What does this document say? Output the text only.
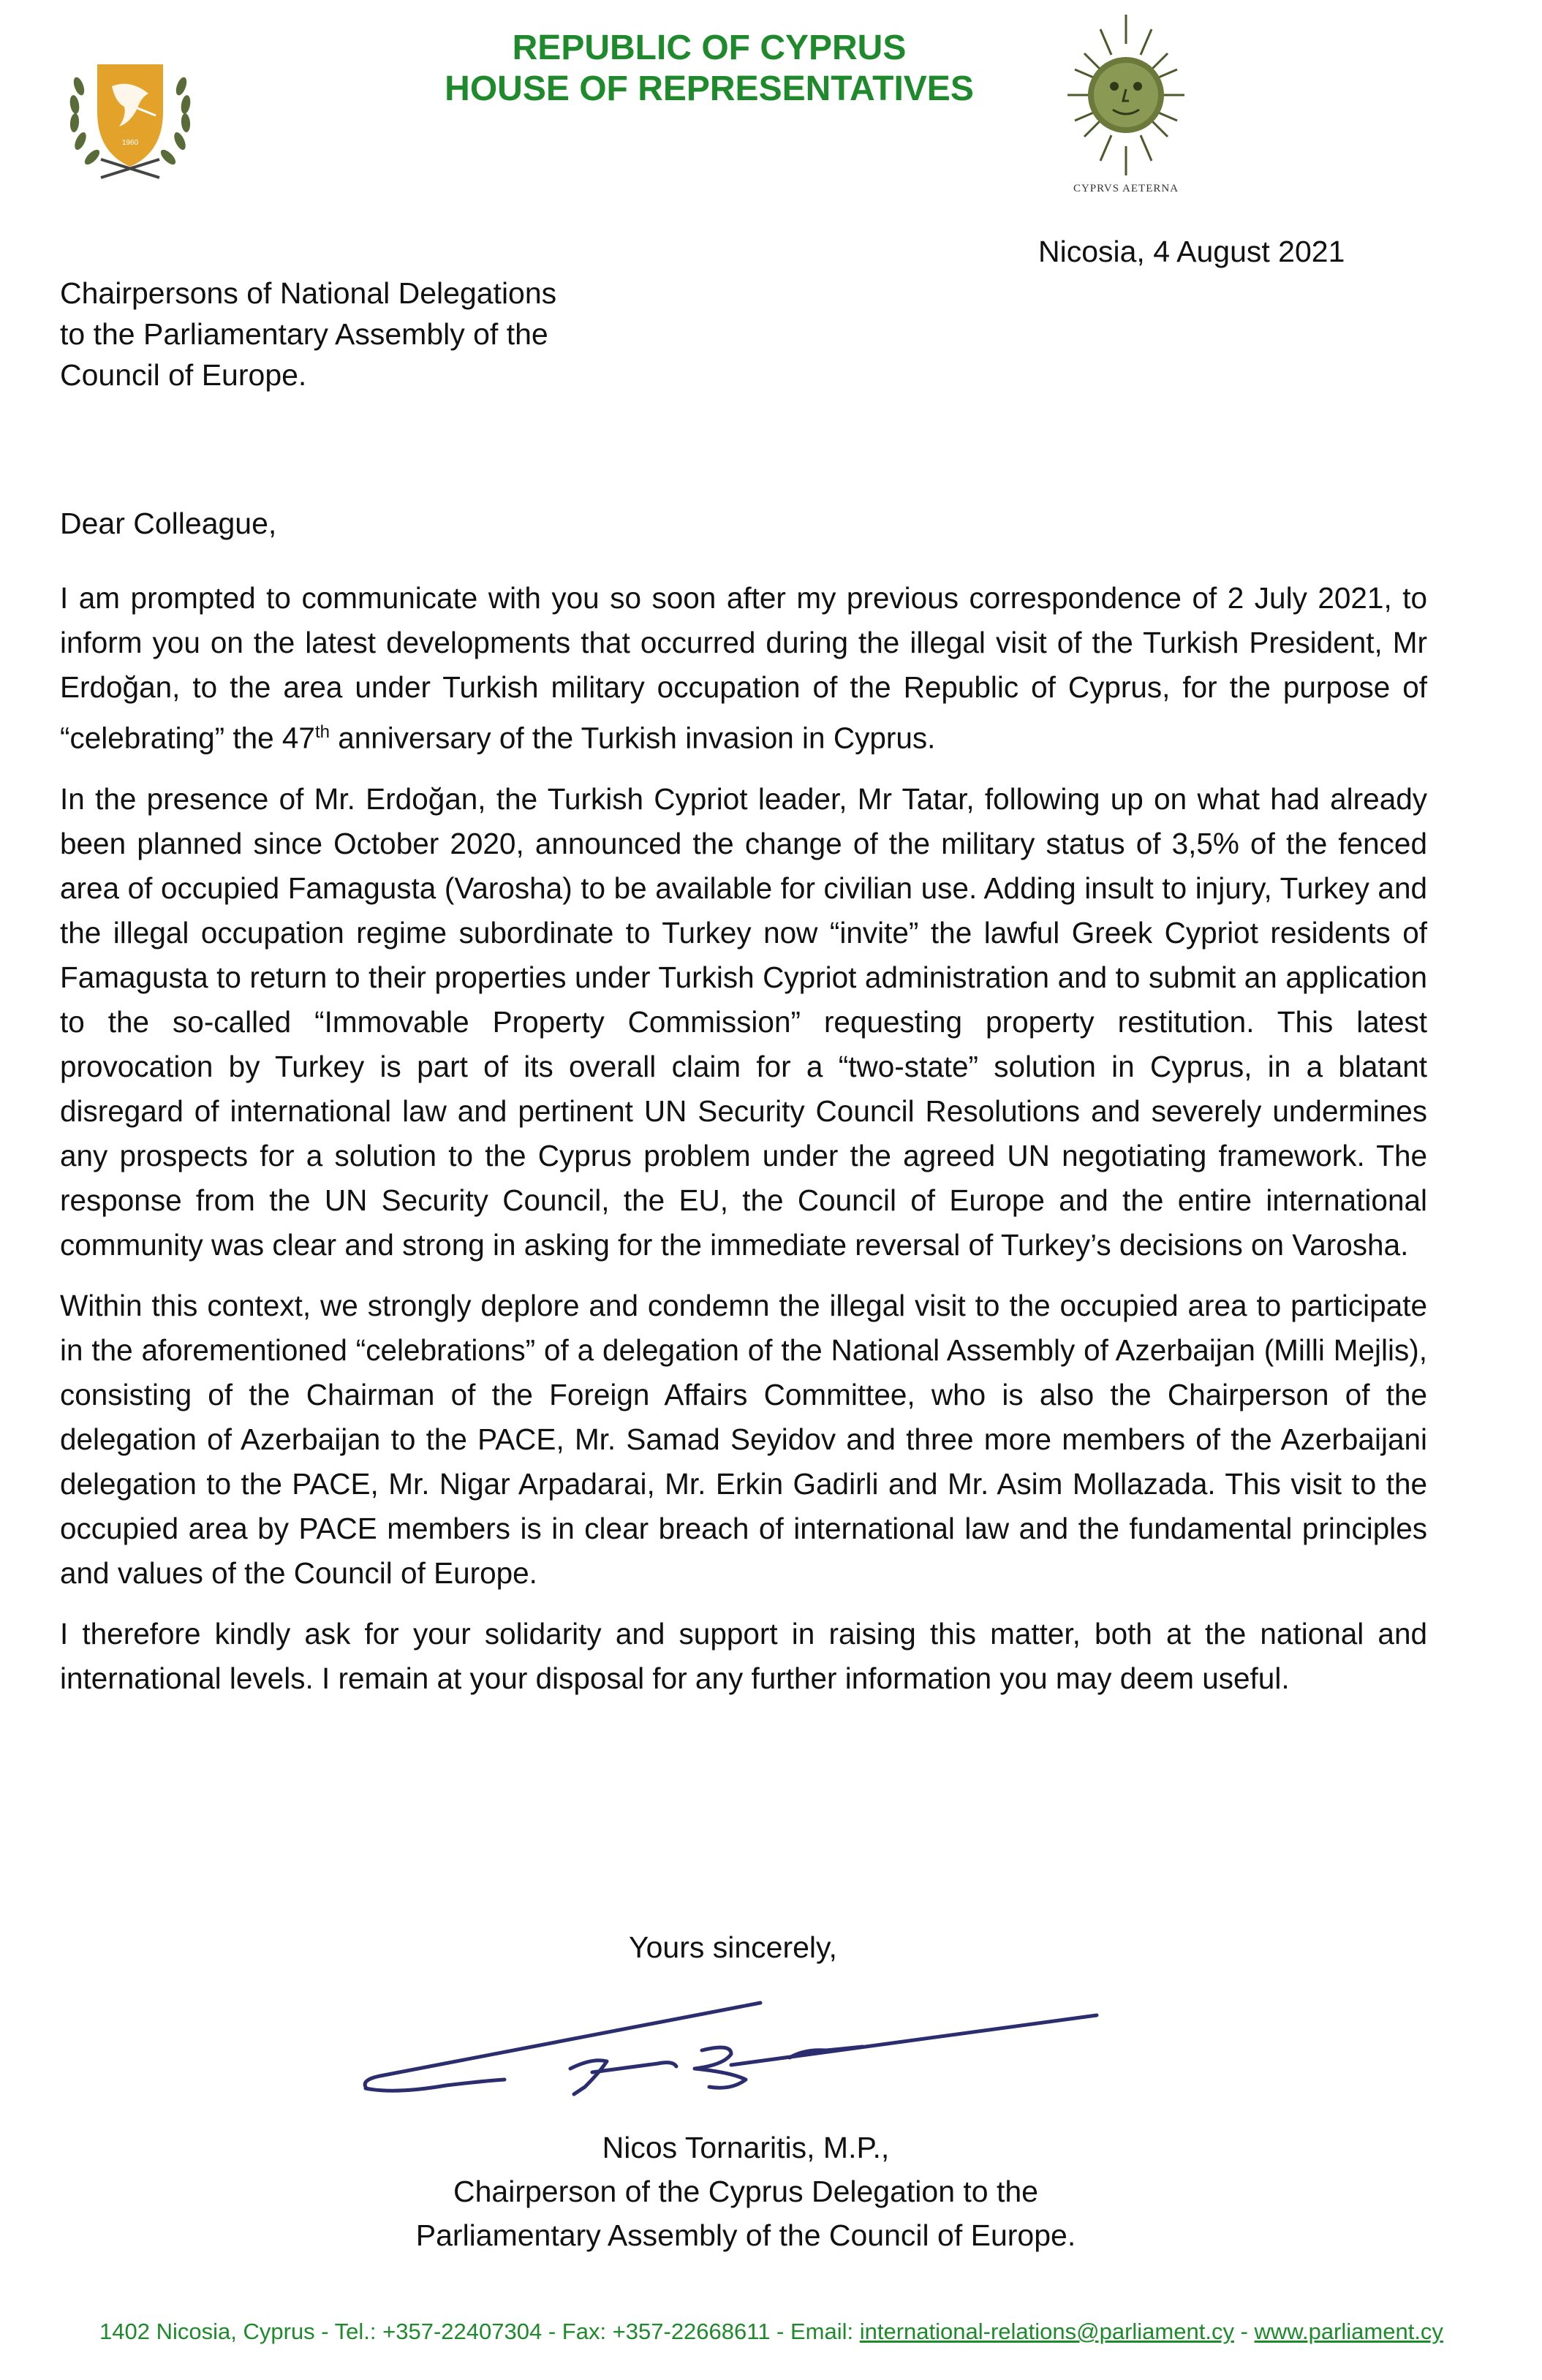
1960
REPUBLIC OF CYPRUS
HOUSE OF REPRESENTATIVES
CYPRVS AETERNA
Nicosia, 4 August 2021
Chairpersons of National Delegations
to the Parliamentary Assembly of the
Council of Europe.
Dear Colleague,

I am prompted to communicate with you so soon after my previous correspondence of 2 July 2021, to inform you on the latest developments that occurred during the illegal visit of the Turkish President, Mr Erdoğan, to the area under Turkish military occupation of the Republic of Cyprus, for the purpose of “celebrating” the 47th anniversary of the Turkish invasion in Cyprus.

In the presence of Mr. Erdoğan, the Turkish Cypriot leader, Mr Tatar, following up on what had already been planned since October 2020, announced the change of the military status of 3,5% of the fenced area of occupied Famagusta (Varosha) to be available for civilian use. Adding insult to injury, Turkey and the illegal occupation regime subordinate to Turkey now “invite” the lawful Greek Cypriot residents of Famagusta to return to their properties under Turkish Cypriot administration and to submit an application to the so-called “Immovable Property Commission” requesting property restitution. This latest provocation by Turkey is part of its overall claim for a “two-state” solution in Cyprus, in a blatant disregard of international law and pertinent UN Security Council Resolutions and severely undermines any prospects for a solution to the Cyprus problem under the agreed UN negotiating framework. The response from the UN Security Council, the EU, the Council of Europe and the entire international community was clear and strong in asking for the immediate reversal of Turkey’s decisions on Varosha.

Within this context, we strongly deplore and condemn the illegal visit to the occupied area to participate in the aforementioned “celebrations” of a delegation of the National Assembly of Azerbaijan (Milli Mejlis), consisting of the Chairman of the Foreign Affairs Committee, who is also the Chairperson of the delegation of Azerbaijan to the PACE, Mr. Samad Seyidov and three more members of the Azerbaijani delegation to the PACE, Mr. Nigar Arpadarai, Mr. Erkin Gadirli and Mr. Asim Mollazada. This visit to the occupied area by PACE members is in clear breach of international law and the fundamental principles and values of the Council of Europe.

I therefore kindly ask for your solidarity and support in raising this matter, both at the national and international levels. I remain at your disposal for any further information you may deem useful.

Yours sincerely,
Nicos Tornaritis, M.P.,
Chairperson of the Cyprus Delegation to the
Parliamentary Assembly of the Council of Europe.
1402 Nicosia, Cyprus - Tel.: +357-22407304 - Fax: +357-22668611 - Email: international-relations@parliament.cy - www.parliament.cy
